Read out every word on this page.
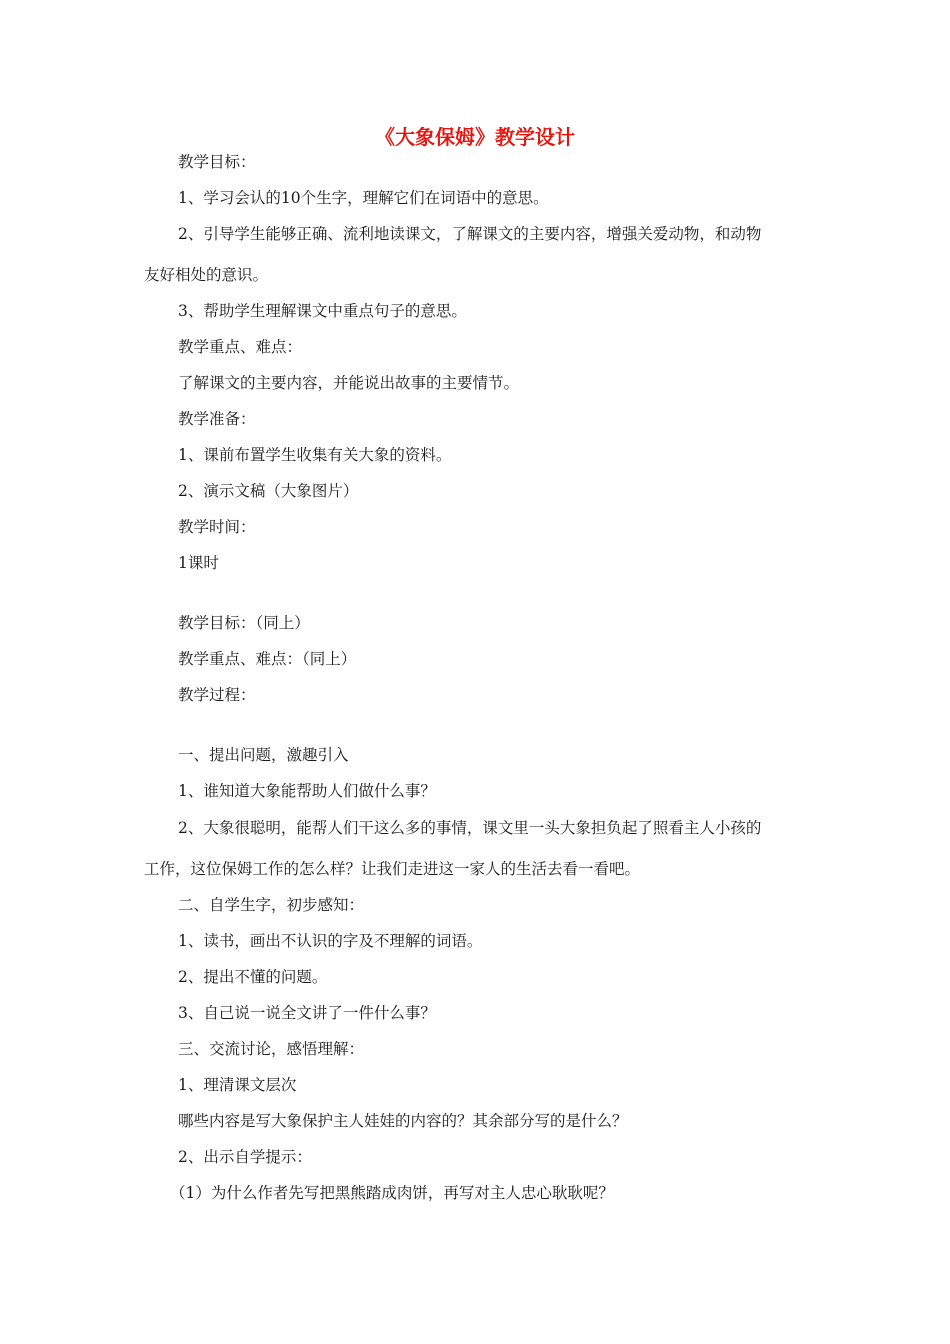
《大象保姆》教学设计

教学目标：

1、学习会认的10个生字，理解它们在词语中的意思。

2、引导学生能够正确、流利地读课文，了解课文的主要内容，增强关爱动物，和动物

友好相处的意识。

3、帮助学生理解课文中重点句子的意思。

教学重点、难点：

了解课文的主要内容，并能说出故事的主要情节。

教学准备：

1、课前布置学生收集有关大象的资料。

2、演示文稿（大象图片）

教学时间：

1课时

教学目标：（同上）

教学重点、难点：（同上）

教学过程：

一、提出问题，激趣引入

1、谁知道大象能帮助人们做什么事？

2、大象很聪明，能帮人们干这么多的事情，课文里一头大象担负起了照看主人小孩的

工作，这位保姆工作的怎么样？让我们走进这一家人的生活去看一看吧。

二、自学生字，初步感知：

1、读书，画出不认识的字及不理解的词语。

2、提出不懂的问题。

3、自己说一说全文讲了一件什么事？

三、交流讨论，感悟理解：

1、理清课文层次

哪些内容是写大象保护主人娃娃的内容的？其余部分写的是什么？

2、出示自学提示：

（1）为什么作者先写把黑熊踏成肉饼，再写对主人忠心耿耿呢？
